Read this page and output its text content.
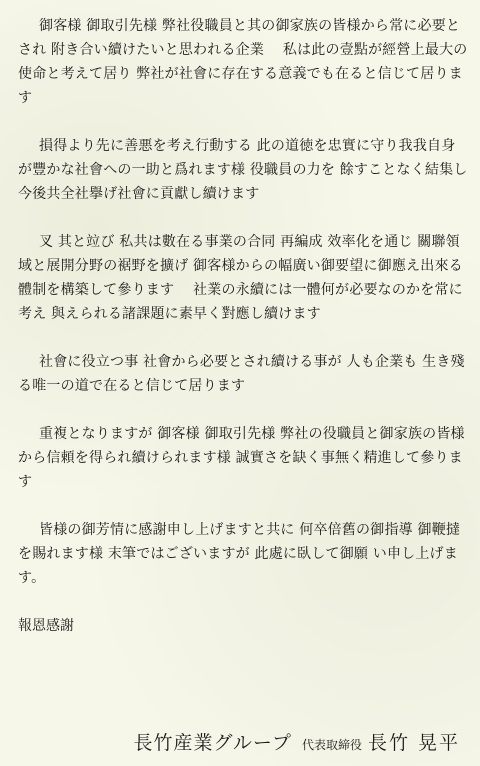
御客様 御取引先様 弊社役職員と其の御家族の皆様から常に必要とされ 附き合い續けたいと思われる企業　 私は此の壹點が經營上最大の使命と考えて居り 弊社が社會に存在する意義でも在ると信じて居ります

損得より先に善悪を考え行動する 此の道徳を忠實に守り我我自身が豐かな社會への一助と爲れます様 役職員の力を 餘すことなく結集し 今後共全社擧げ社會に貢獻し續けます

叉 其と竝び 私共は數在る事業の合同 再編成 效率化を通じ 關聯領域と展開分野の裾野を擴げ 御客様からの幅廣い御要望に御應え出來る體制を構築して參ります　 社業の永續には一體何が必要なのかを常に考え 與えられる諸課題に素早く對應し續けます

社會に役立つ事 社會から必要とされ續ける事が 人も企業も 生き殘る唯一の道で在ると信じて居ります

重複となりますが 御客様 御取引先様 弊社の役職員と御家族の皆様から信頼を得られ續けられます様 誠實さを缺く事無く精進して參ります

皆様の御芳情に感謝申し上げますと共に 何卒倍舊の御指導 御鞭撻を賜れます様 末筆ではございますが 此處に臥して御願 い申し上げます。

報恩感謝

長竹産業グループ 代表取締役 長竹 晃平
